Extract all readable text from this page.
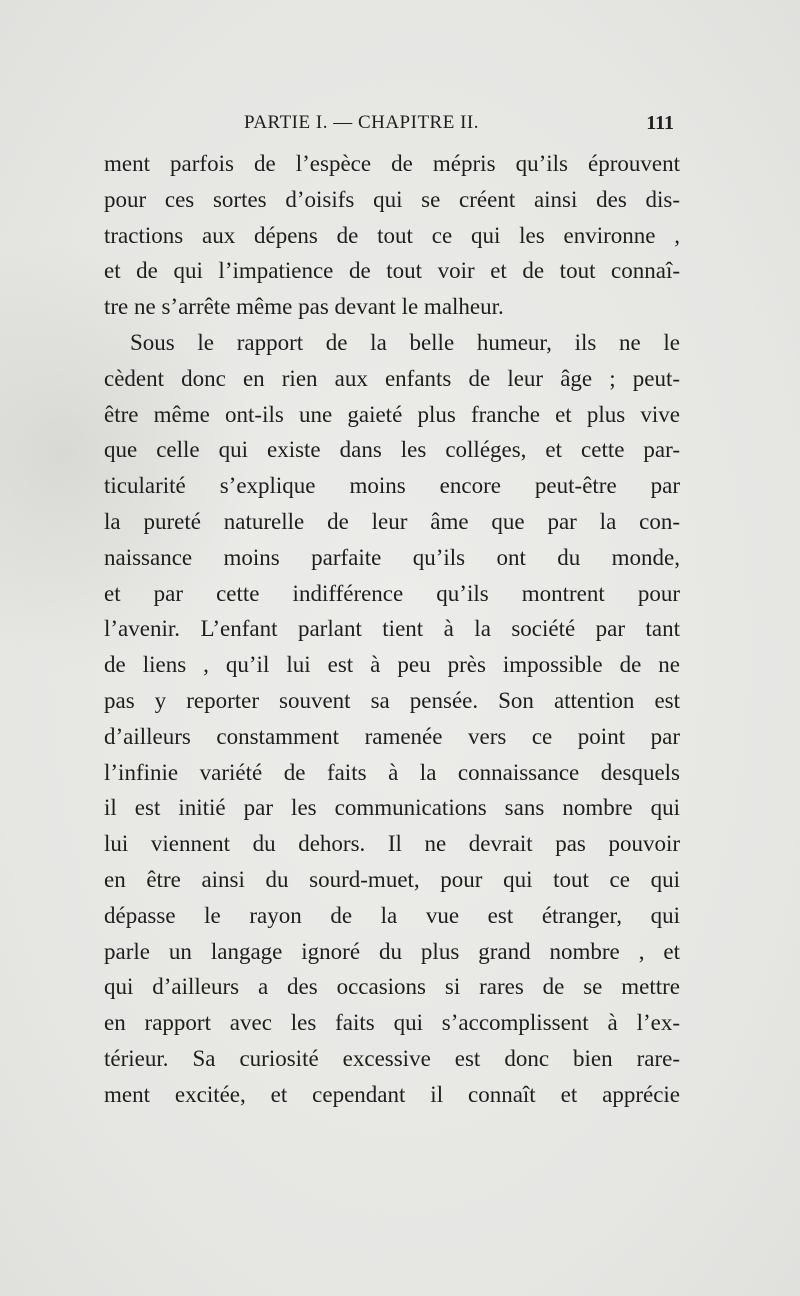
PARTIE I. — CHAPITRE II.	111
ment parfois de l’espèce de mépris qu’ils éprouvent
pour ces sortes d’oisifs qui se créent ainsi des dis-
tractions aux dépens de tout ce qui les environne ,
et de qui l’impatience de tout voir et de tout connaî-
tre ne s’arrête même pas devant le malheur.
Sous le rapport de la belle humeur, ils ne le
cèdent donc en rien aux enfants de leur âge ; peut-
être même ont-ils une gaieté plus franche et plus vive
que celle qui existe dans les colléges, et cette par-
ticularité s’explique moins encore peut-être par
la pureté naturelle de leur âme que par la con-
naissance moins parfaite qu’ils ont du monde,
et par cette indifférence qu’ils montrent pour
l’avenir. L’enfant parlant tient à la société par tant
de liens , qu’il lui est à peu près impossible de ne
pas y reporter souvent sa pensée. Son attention est
d’ailleurs constamment ramenée vers ce point par
l’infinie variété de faits à la connaissance desquels
il est initié par les communications sans nombre qui
lui viennent du dehors. Il ne devrait pas pouvoir
en être ainsi du sourd-muet, pour qui tout ce qui
dépasse le rayon de la vue est étranger, qui
parle un langage ignoré du plus grand nombre , et
qui d’ailleurs a des occasions si rares de se mettre
en rapport avec les faits qui s’accomplissent à l’ex-
térieur. Sa curiosité excessive est donc bien rare-
ment excitée, et cependant il connaît et apprécie
